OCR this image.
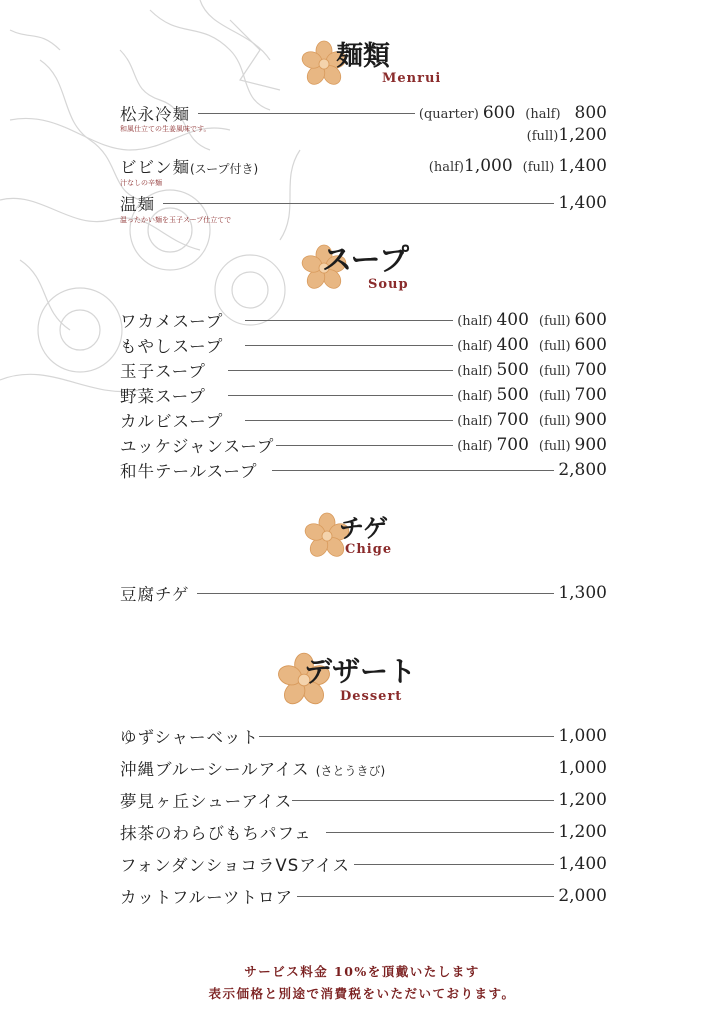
麺類
Menrui
松永冷麺	(quarter) 600 (half) 800
和風仕立ての生姜風味です。	(full) 1,200
ビビン麺(スープ付き)	(half) 1,000 (full) 1,400
汁なしの辛麺
温麺	1,400
温ったかい麺を玉子スープ仕立てで
スープ
Soup
ワカメスープ	(half) 400 (full) 600
もやしスープ	(half) 400 (full) 600
玉子スープ	(half) 500 (full) 700
野菜スープ	(half) 500 (full) 700
カルビスープ	(half) 700 (full) 900
ユッケジャンスープ	(half) 700 (full) 900
和牛テールスープ	2,800
チゲ
Chige
豆腐チゲ	1,300
デザート
Dessert
ゆずシャーベット	1,000
沖縄ブルーシールアイス (さとうきび)	1,000
夢見ヶ丘シューアイス	1,200
抹茶のわらびもちパフェ	1,200
フォンダンショコラVSアイス	1,400
カットフルーツトロア	2,000
サービス料金 10%を頂戴いたします
表示価格と別途で消費税をいただいております。
